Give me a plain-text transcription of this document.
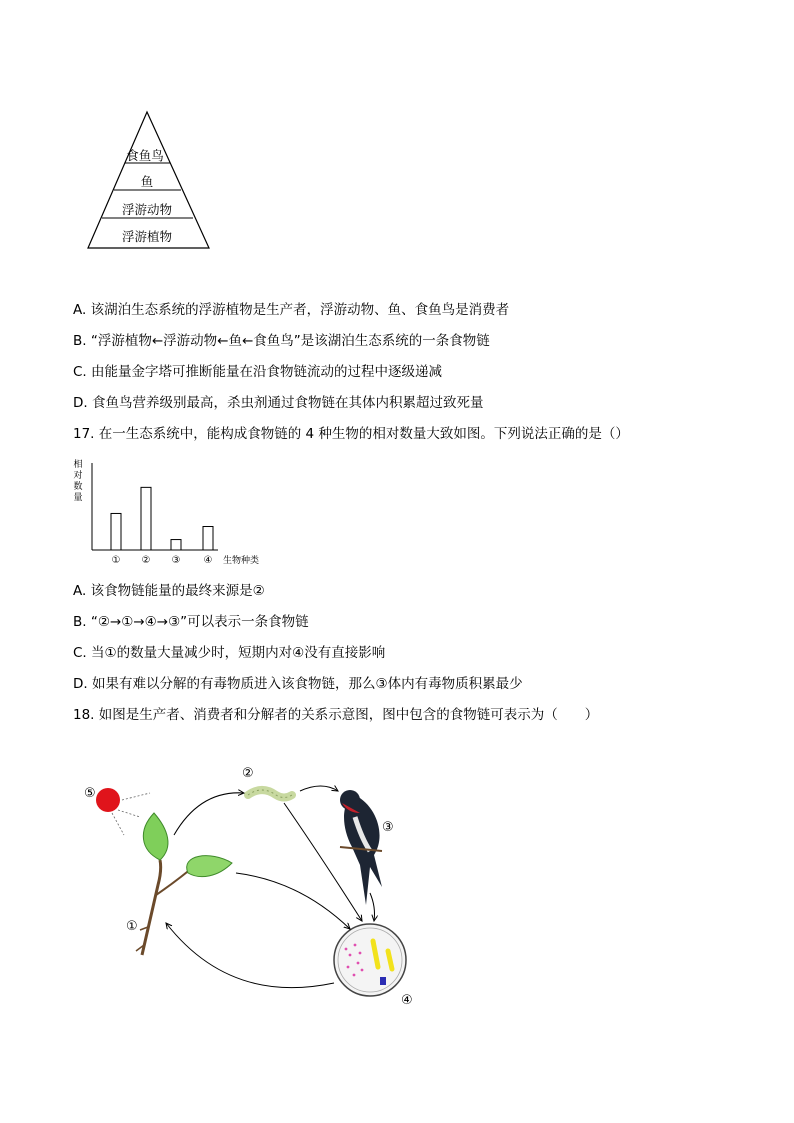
食鱼鸟
鱼
浮游动物
浮游植物
A. 该湖泊生态系统的浮游植物是生产者，浮游动物、鱼、食鱼鸟是消费者
B. “浮游植物←浮游动物←鱼←食鱼鸟”是该湖泊生态系统的一条食物链
C. 由能量金字塔可推断能量在沿食物链流动的过程中逐级递减
D. 食鱼鸟营养级别最高，杀虫剂通过食物链在其体内积累超过致死量
17. 在一生态系统中，能构成食物链的 4 种生物的相对数量大致如图。下列说法正确的是（）
相
对
数
量
① ② ③ ④ 生物种类
A. 该食物链能量的最终来源是②
B. “②→①→④→③”可以表示一条食物链
C. 当①的数量大量减少时，短期内对④没有直接影响
D. 如果有难以分解的有毒物质进入该食物链，那么③体内有毒物质积累最少
18. 如图是生产者、消费者和分解者的关系示意图，图中包含的食物链可表示为（　　）
⑤
②
③
①
④
